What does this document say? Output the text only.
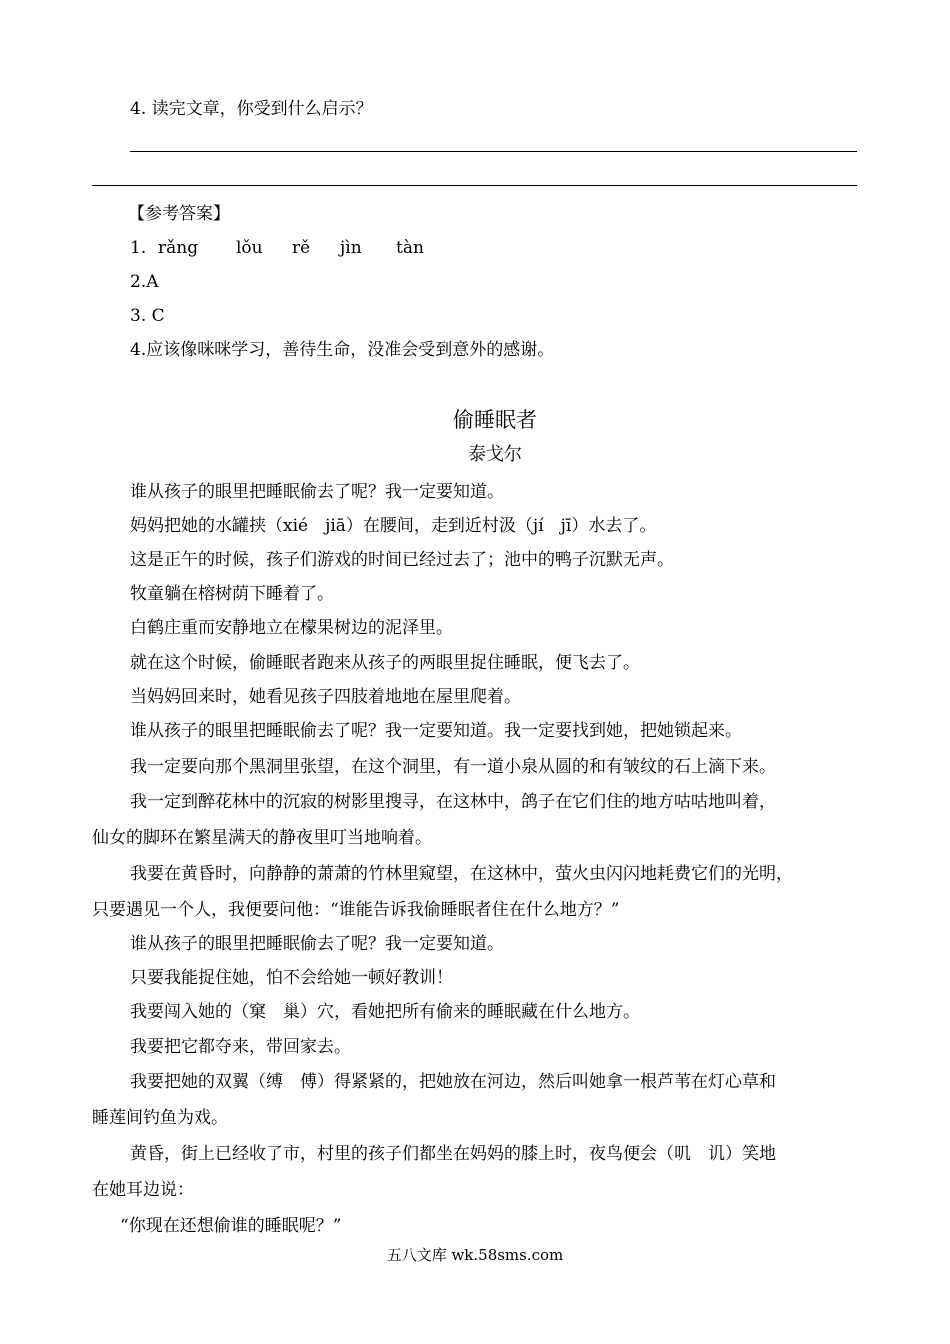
4. 读完文章，你受到什么启示？
【参考答案】
1. rǎng lǒu rě jìn tàn
2.A
3. C
4.应该像咪咪学习，善待生命，没准会受到意外的感谢。
偷睡眠者
泰戈尔
谁从孩子的眼里把睡眠偷去了呢？我一定要知道。
妈妈把她的水罐挟（xié　jiā）在腰间，走到近村汲（jí　jī）水去了。
这是正午的时候，孩子们游戏的时间已经过去了；池中的鸭子沉默无声。
牧童躺在榕树荫下睡着了。
白鹤庄重而安静地立在檬果树边的泥泽里。
就在这个时候，偷睡眠者跑来从孩子的两眼里捉住睡眠，便飞去了。
当妈妈回来时，她看见孩子四肢着地地在屋里爬着。
谁从孩子的眼里把睡眠偷去了呢？我一定要知道。我一定要找到她，把她锁起来。
我一定要向那个黑洞里张望，在这个洞里，有一道小泉从圆的和有皱纹的石上滴下来。
我一定到醉花林中的沉寂的树影里搜寻，在这林中，鸽子在它们住的地方咕咕地叫着，
仙女的脚环在繁星满天的静夜里叮当地响着。
我要在黄昏时，向静静的萧萧的竹林里窥望，在这林中，萤火虫闪闪地耗费它们的光明，
只要遇见一个人，我便要问他：“谁能告诉我偷睡眠者住在什么地方？”
谁从孩子的眼里把睡眠偷去了呢？我一定要知道。
只要我能捉住她，怕不会给她一顿好教训！
我要闯入她的（窠　巢）穴，看她把所有偷来的睡眠藏在什么地方。
我要把它都夺来，带回家去。
我要把她的双翼（缚　傅）得紧紧的，把她放在河边，然后叫她拿一根芦苇在灯心草和
睡莲间钓鱼为戏。
黄昏，街上已经收了市，村里的孩子们都坐在妈妈的膝上时，夜鸟便会（叽　讥）笑地
在她耳边说：
“你现在还想偷谁的睡眠呢？”
五八文库 wk.58sms.com
